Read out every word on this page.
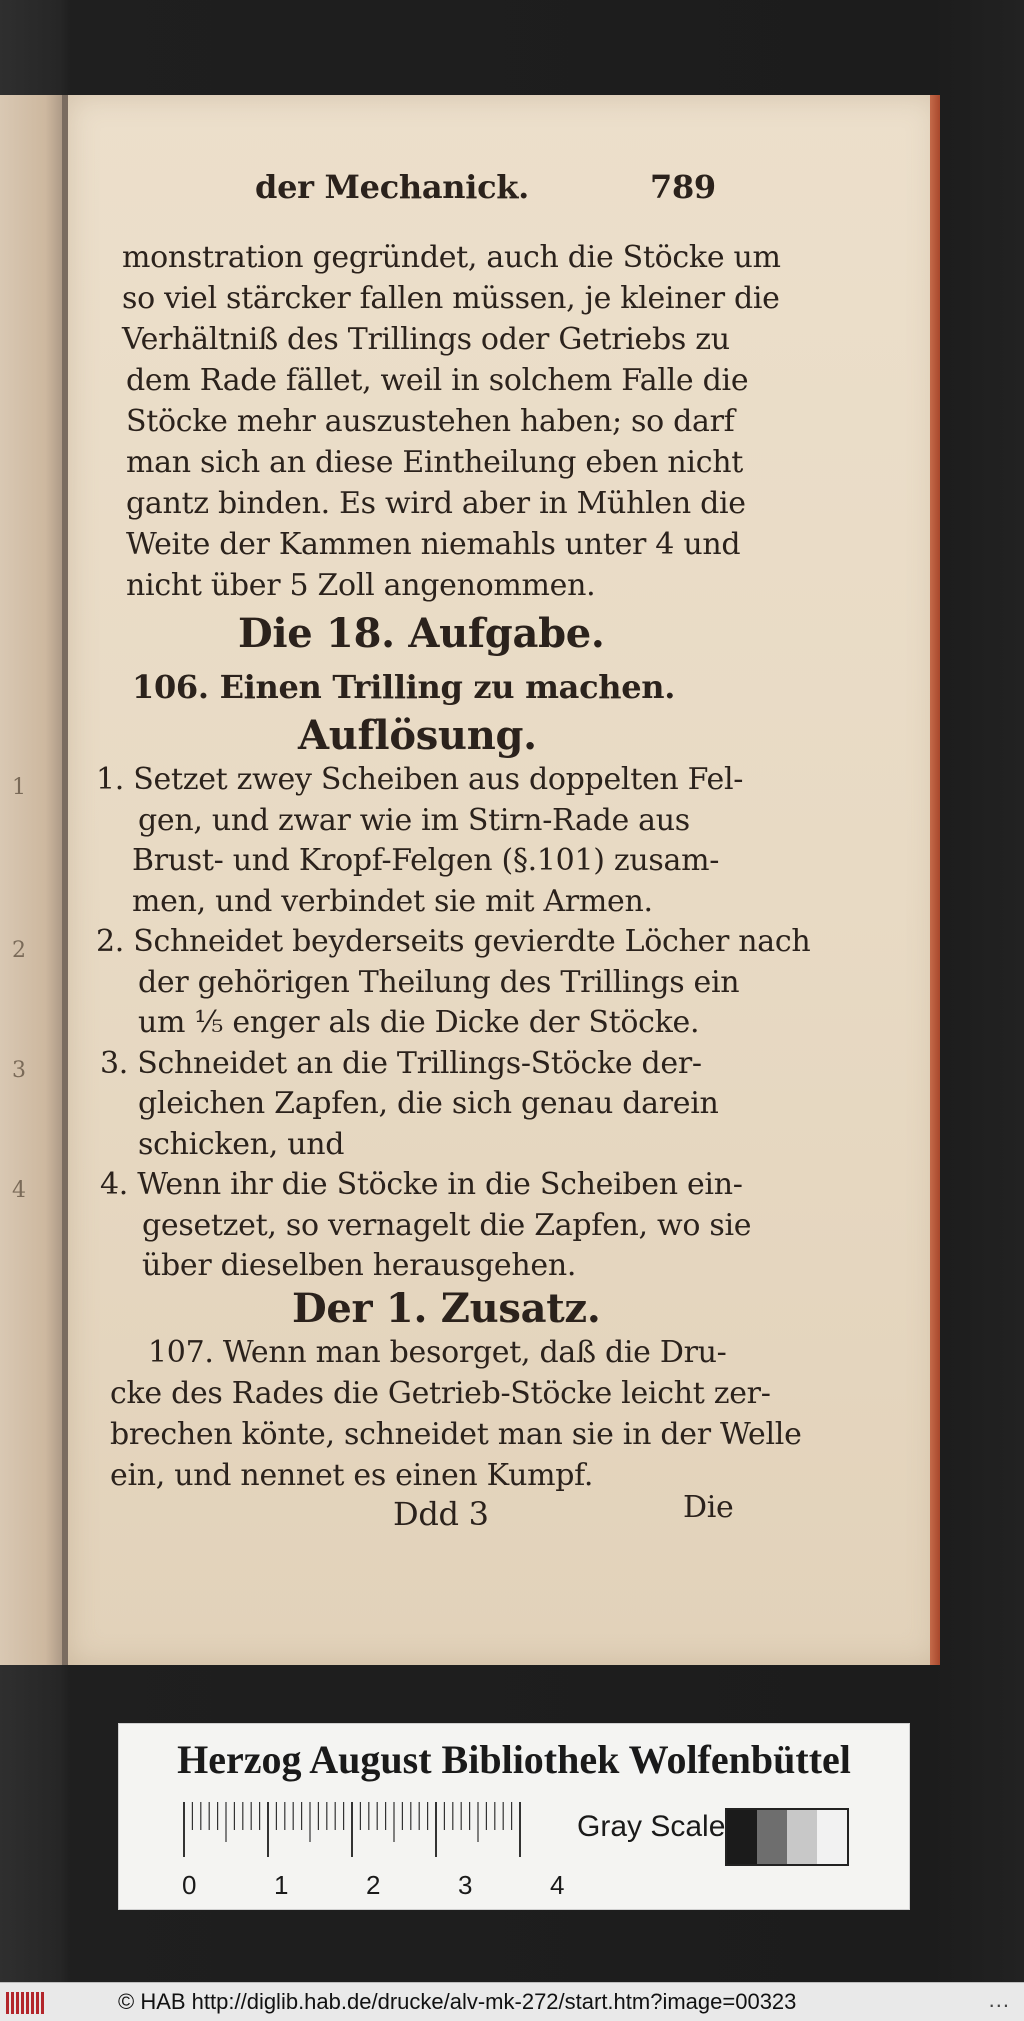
1
2
3
4
der Mechanick.	789
monstration gegründet, auch die Stöcke um
so viel stärcker fallen müssen, je kleiner die
Verhältniß des Trillings oder Getriebs zu
dem Rade fället, weil in solchem Falle die
Stöcke mehr auszustehen haben; so darf
man sich an diese Eintheilung eben nicht
gantz binden. Es wird aber in Mühlen die
Weite der Kammen niemahls unter 4 und
nicht über 5 Zoll angenommen.
Die 18. Aufgabe.
106. Einen Trilling zu machen.
Auflösung.
1. Setzet zwey Scheiben aus doppelten Fel-
gen, und zwar wie im Stirn-Rade aus
Brust- und Kropf-Felgen (§.101) zusam-
men, und verbindet sie mit Armen.
2. Schneidet beyderseits gevierdte Löcher nach
der gehörigen Theilung des Trillings ein
um ⅕ enger als die Dicke der Stöcke.
3. Schneidet an die Trillings-Stöcke der-
gleichen Zapfen, die sich genau darein
schicken, und
4. Wenn ihr die Stöcke in die Scheiben ein-
gesetzet, so vernagelt die Zapfen, wo sie
über dieselben herausgehen.
Der 1. Zusatz.
107. Wenn man besorget, daß die Dru-
cke des Rades die Getrieb-Stöcke leicht zer-
brechen könte, schneidet man sie in der Welle
ein, und nennet es einen Kumpf.
Ddd 3	Die
Herzog August Bibliothek Wolfenbüttel
0	1	2	3	4
Gray Scale
© HAB http://diglib.hab.de/drucke/alv-mk-272/start.htm?image=00323	...
